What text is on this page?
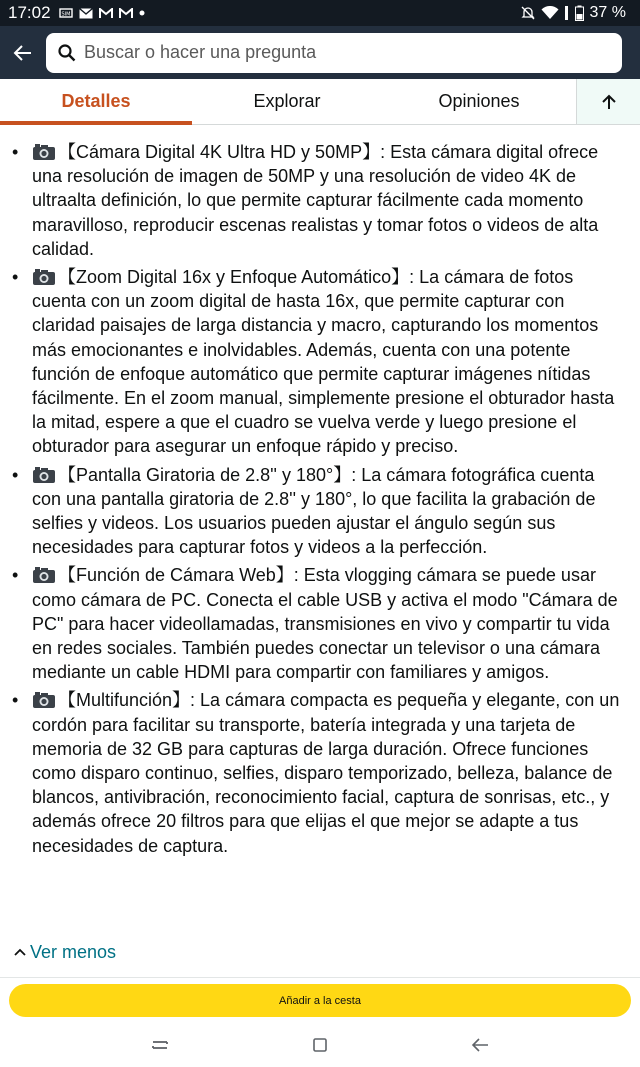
17:02 SIM	37 %
Buscar o hacer una pregunta
Detalles	Explorar	Opiniones
• 【Cámara Digital 4K Ultra HD y 50MP】: Esta cámara digital ofrece una resolución de imagen de 50MP y una resolución de video 4K de ultraalta definición, lo que permite capturar fácilmente cada momento maravilloso, reproducir escenas realistas y tomar fotos o videos de alta calidad.
• 【Zoom Digital 16x y Enfoque Automático】: La cámara de fotos cuenta con un zoom digital de hasta 16x, que permite capturar con claridad paisajes de larga distancia y macro, capturando los momentos más emocionantes e inolvidables. Además, cuenta con una potente función de enfoque automático que permite capturar imágenes nítidas fácilmente. En el zoom manual, simplemente presione el obturador hasta la mitad, espere a que el cuadro se vuelva verde y luego presione el obturador para asegurar un enfoque rápido y preciso.
• 【Pantalla Giratoria de 2.8'' y 180°】: La cámara fotográfica cuenta con una pantalla giratoria de 2.8'' y 180°, lo que facilita la grabación de selfies y videos. Los usuarios pueden ajustar el ángulo según sus necesidades para capturar fotos y videos a la perfección.
• 【Función de Cámara Web】: Esta vlogging cámara se puede usar como cámara de PC. Conecta el cable USB y activa el modo "Cámara de PC" para hacer videollamadas, transmisiones en vivo y compartir tu vida en redes sociales. También puedes conectar un televisor o una cámara mediante un cable HDMI para compartir con familiares y amigos.
• 【Multifunción】: La cámara compacta es pequeña y elegante, con un cordón para facilitar su transporte, batería integrada y una tarjeta de memoria de 32 GB para capturas de larga duración. Ofrece funciones como disparo continuo, selfies, disparo temporizado, belleza, balance de blancos, antivibración, reconocimiento facial, captura de sonrisas, etc., y además ofrece 20 filtros para que elijas el que mejor se adapte a tus necesidades de captura.
Ver menos
Añadir a la cesta
